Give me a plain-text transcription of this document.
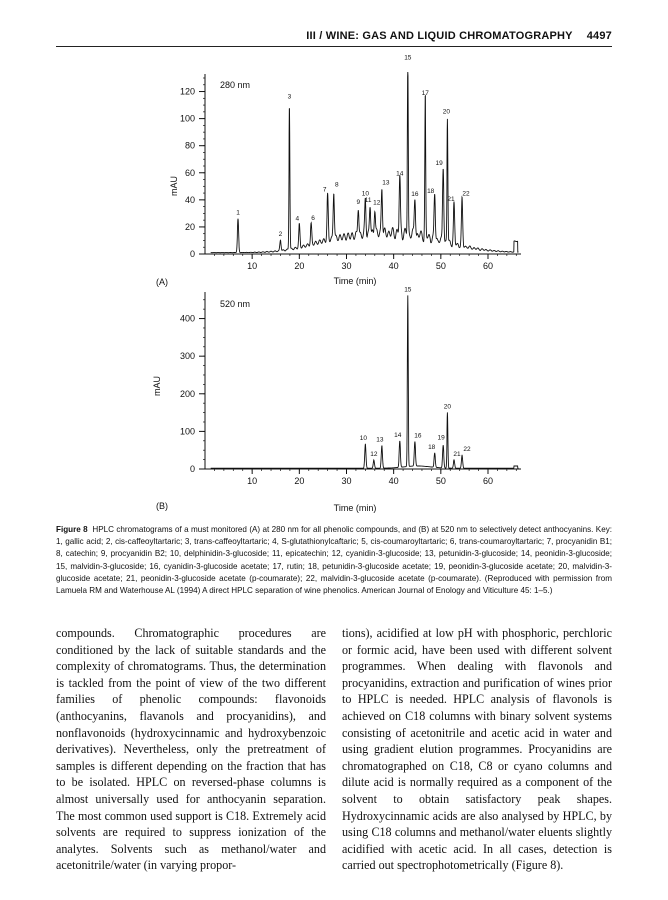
III / WINE: GAS AND LIQUID CHROMATOGRAPHY 4497
280 nm
mAU
Time (min)
10	20	30	40	50	60
0
20
40
60
80
100
120
1
2
3
4 6
7
8
9
10
11 12
13
14
15
16
17
18
19
20
21
22
(A)
520 nm
mAU
Time (min)
10	20	30	40	50	60
0
100
200
300
400
10
12
13
14
15
16
18
19
20
21
22
(B)
Figure 8 HPLC chromatograms of a must monitored (A) at 280 nm for all phenolic compounds, and (B) at 520 nm to selectively detect anthocyanins. Key: 1, gallic acid; 2, cis-caffeoyltartaric; 3, trans-caffeoyltartaric; 4, S-glutathionylcaftaric; 5, cis-coumaroyltartaric; 6, trans-coumaroyltartaric; 7, procyanidin B1; 8, catechin; 9, procyanidin B2; 10, delphinidin-3-glucoside; 11, epicatechin; 12, cyanidin-3-glucoside; 13, petunidin-3-glucoside; 14, peonidin-3-glucoside; 15, malvidin-3-glucoside; 16, cyanidin-3-glucoside acetate; 17, rutin; 18, petunidin-3-glucoside acetate; 19, peonidin-3-glucoside acetate; 20, malvidin-3-glucoside acetate; 21, peonidin-3-glucoside acetate (p-coumarate); 22, malvidin-3-glucoside acetate (p-coumarate). (Reproduced with permission from Lamuela RM and Waterhouse AL (1994) A direct HPLC separation of wine phenolics. American Journal of Enology and Viticulture 45: 1–5.)

compounds. Chromatographic procedures are conditioned by the lack of suitable standards and the complexity of chromatograms. Thus, the determination is tackled from the point of view of the two different families of phenolic compounds: flavonoids (anthocyanins, flavanols and procyanidins), and nonflavonoids (hydroxycinnamic and hydroxybenzoic derivatives). Nevertheless, only the pretreatment of samples is different depending on the fraction that has to be isolated. HPLC on reversed-phase columns is almost universally used for anthocyanin separation. The most common used support is C18. Extremely acid solvents are required to suppress ionization of the analytes. Solvents such as methanol/water and acetonitrile/water (in varying propor-

tions), acidified at low pH with phosphoric, perchloric or formic acid, have been used with different solvent programmes. When dealing with flavonols and procyanidins, extraction and purification of wines prior to HPLC is needed. HPLC analysis of flavonols is achieved on C18 columns with binary solvent systems consisting of acetonitrile and acetic acid in water and using gradient elution programmes. Procyanidins are chromatographed on C18, C8 or cyano columns and dilute acid is normally required as a component of the solvent to obtain satisfactory peak shapes. Hydroxycinnamic acids are also analysed by HPLC, by using C18 columns and methanol/water eluents slightly acidified with acetic acid. In all cases, detection is carried out spectrophotometrically (Figure 8).
